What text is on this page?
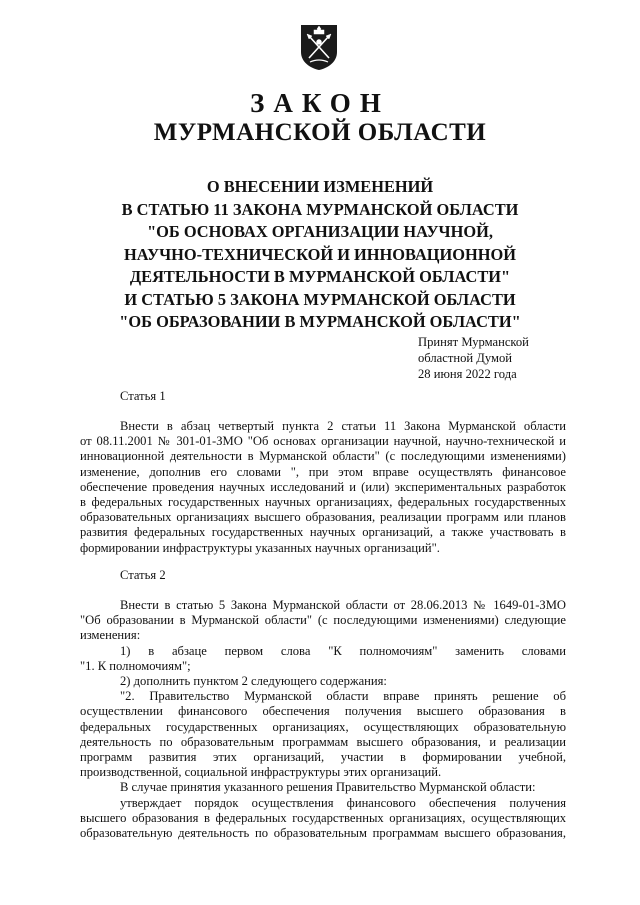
ЗАКОН
МУРМАНСКОЙ ОБЛАСТИ
О ВНЕСЕНИИ ИЗМЕНЕНИЙ
В СТАТЬЮ 11 ЗАКОНА МУРМАНСКОЙ ОБЛАСТИ
"ОБ ОСНОВАХ ОРГАНИЗАЦИИ НАУЧНОЙ,
НАУЧНО-ТЕХНИЧЕСКОЙ И ИННОВАЦИОННОЙ
ДЕЯТЕЛЬНОСТИ В МУРМАНСКОЙ ОБЛАСТИ"
И СТАТЬЮ 5 ЗАКОНА МУРМАНСКОЙ ОБЛАСТИ
"ОБ ОБРАЗОВАНИИ В МУРМАНСКОЙ ОБЛАСТИ"
Принят Мурманской
областной Думой
28 июня 2022 года
Статья 1
Внести в абзац четвертый пункта 2 статьи 11 Закона Мурманской области
от 08.11.2001 № 301-01-ЗМО "Об основах организации научной, научно-технической и
инновационной деятельности в Мурманской области" (с последующими изменениями)
изменение, дополнив его словами ", при этом вправе осуществлять финансовое
обеспечение проведения научных исследований и (или) экспериментальных разработок
в федеральных государственных научных организациях, федеральных государственных
образовательных организациях высшего образования, реализации программ или планов
развития федеральных государственных научных организаций, а также участвовать в
формировании инфраструктуры указанных научных организаций".
Статья 2
Внести в статью 5 Закона Мурманской области от 28.06.2013 № 1649-01-ЗМО
"Об образовании в Мурманской области" (с последующими изменениями) следующие
изменения:
1) в абзаце первом слова "К полномочиям" заменить словами
"1. К полномочиям";
2) дополнить пунктом 2 следующего содержания:
"2. Правительство Мурманской области вправе принять решение об
осуществлении финансового обеспечения получения высшего образования в
федеральных государственных организациях, осуществляющих образовательную
деятельность по образовательным программам высшего образования, и реализации
программ развития этих организаций, участии в формировании учебной,
производственной, социальной инфраструктуры этих организаций.
В случае принятия указанного решения Правительство Мурманской области:
утверждает порядок осуществления финансового обеспечения получения
высшего образования в федеральных государственных организациях, осуществляющих
образовательную деятельность по образовательным программам высшего образования,
